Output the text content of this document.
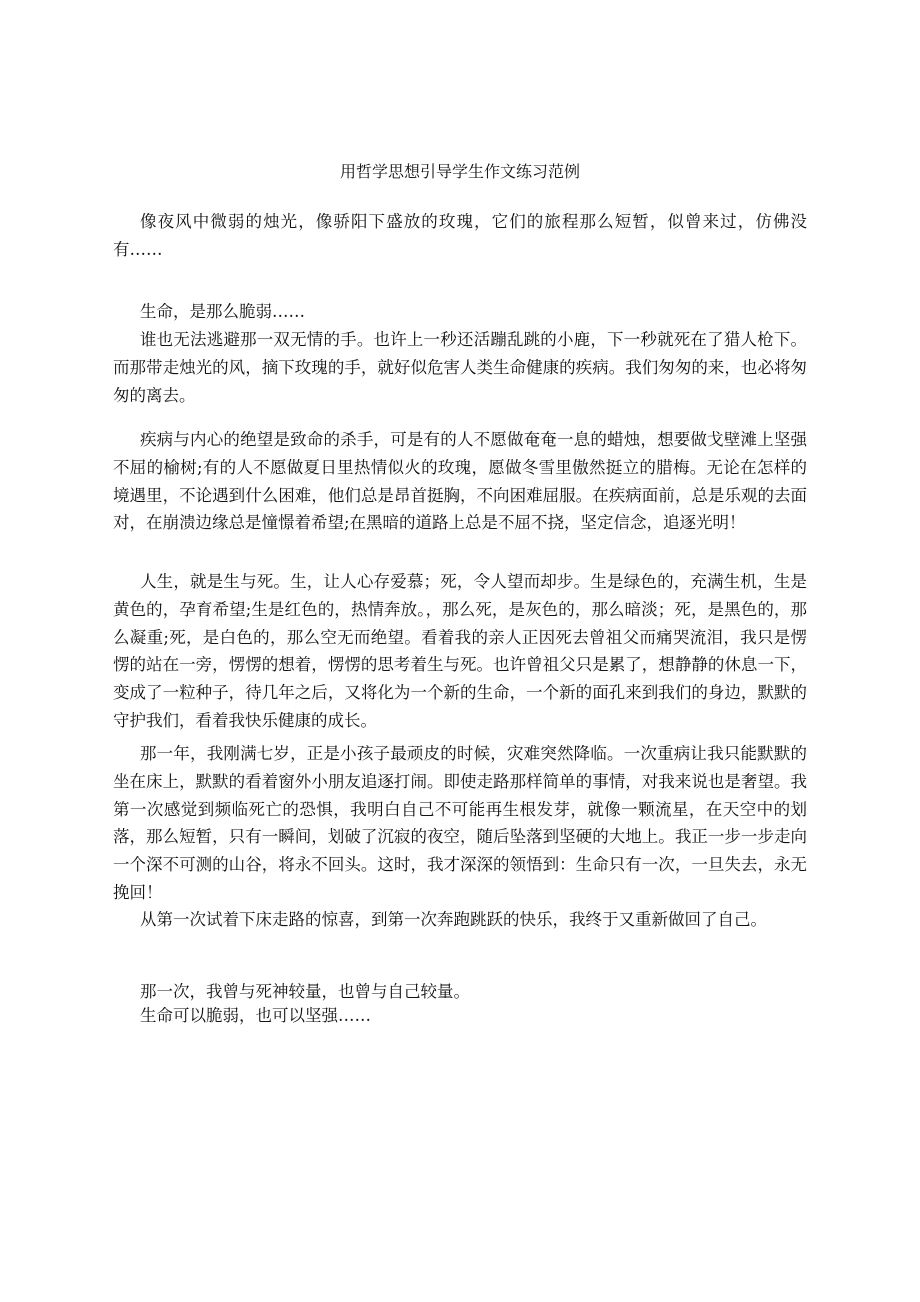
用哲学思想引导学生作文练习范例

像夜风中微弱的烛光，像骄阳下盛放的玫瑰，它们的旅程那么短暂，似曾来过，仿佛没有……

生命，是那么脆弱……

谁也无法逃避那一双无情的手。也许上一秒还活蹦乱跳的小鹿，下一秒就死在了猎人枪下。而那带走烛光的风，摘下玫瑰的手，就好似危害人类生命健康的疾病。我们匆匆的来，也必将匆匆的离去。

疾病与内心的绝望是致命的杀手，可是有的人不愿做奄奄一息的蜡烛，想要做戈壁滩上坚强不屈的榆树;有的人不愿做夏日里热情似火的玫瑰，愿做冬雪里傲然挺立的腊梅。无论在怎样的境遇里，不论遇到什么困难，他们总是昂首挺胸，不向困难屈服。在疾病面前，总是乐观的去面对，在崩溃边缘总是憧憬着希望;在黑暗的道路上总是不屈不挠，坚定信念，追逐光明！

人生，就是生与死。生，让人心存爱慕；死，令人望而却步。生是绿色的，充满生机，生是黄色的，孕育希望;生是红色的，热情奔放。，那么死，是灰色的，那么暗淡；死，是黑色的，那么凝重;死，是白色的，那么空无而绝望。看着我的亲人正因死去曾祖父而痛哭流泪，我只是愣愣的站在一旁，愣愣的想着，愣愣的思考着生与死。也许曾祖父只是累了，想静静的休息一下，变成了一粒种子，待几年之后，又将化为一个新的生命，一个新的面孔来到我们的身边，默默的守护我们，看着我快乐健康的成长。

那一年，我刚满七岁，正是小孩子最顽皮的时候，灾难突然降临。一次重病让我只能默默的坐在床上，默默的看着窗外小朋友追逐打闹。即使走路那样简单的事情，对我来说也是奢望。我第一次感觉到频临死亡的恐惧，我明白自己不可能再生根发芽，就像一颗流星，在天空中的划落，那么短暂，只有一瞬间，划破了沉寂的夜空，随后坠落到坚硬的大地上。我正一步一步走向一个深不可测的山谷，将永不回头。这时，我才深深的领悟到：生命只有一次，一旦失去，永无挽回！

从第一次试着下床走路的惊喜，到第一次奔跑跳跃的快乐，我终于又重新做回了自己。

那一次，我曾与死神较量，也曾与自己较量。

生命可以脆弱，也可以坚强……
